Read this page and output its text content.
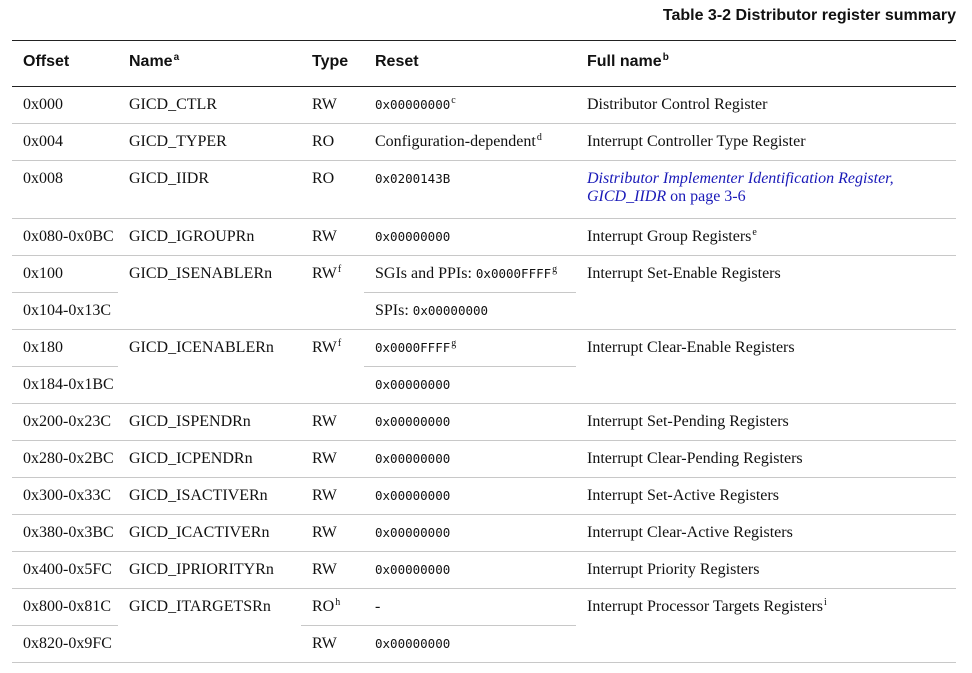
Table 3-2 Distributor register summary
Offset	Name$^a$	Type	Reset	Full name$^b$
0x000	GICD_CTLR	RW	0x00000000$^c$	Distributor Control Register
0x004	GICD_TYPER	RO	Configuration-dependent$^d$	Interrupt Controller Type Register
0x008	GICD_IIDR	RO	0x0200143B	Distributor Implementer Identification Register, GICD_IIDR on page 3-6
0x080-0x0BC	GICD_IGROUPRn	RW	0x00000000	Interrupt Group Registers$^e$
0x100	GICD_ISENABLERn	$RW^f$	SGIs and PPIs: 0x0000FFFF$^g$	Interrupt Set-Enable Registers
0x104-0x13C			SPIs: 0x00000000	
0x180	GICD_ICENABLERn	$RW^f$	0x0000FFFF$^g$	Interrupt Clear-Enable Registers
0x184-0x1BC			0x00000000	
0x200-0x23C	GICD_ISPENDRn	RW	0x00000000	Interrupt Set-Pending Registers
0x280-0x2BC	GICD_ICPENDRn	RW	0x00000000	Interrupt Clear-Pending Registers
0x300-0x33C	GICD_ISACTIVERn	RW	0x00000000	Interrupt Set-Active Registers
0x380-0x3BC	GICD_ICACTIVERn	RW	0x00000000	Interrupt Clear-Active Registers
0x400-0x5FC	GICD_IPRIORITYRn	RW	0x00000000	Interrupt Priority Registers
0x800-0x81C	GICD_ITARGETSRn	$RO^h$	-	Interrupt Processor Targets Registers$^i$
0x820-0x9FC		RW	0x00000000	
